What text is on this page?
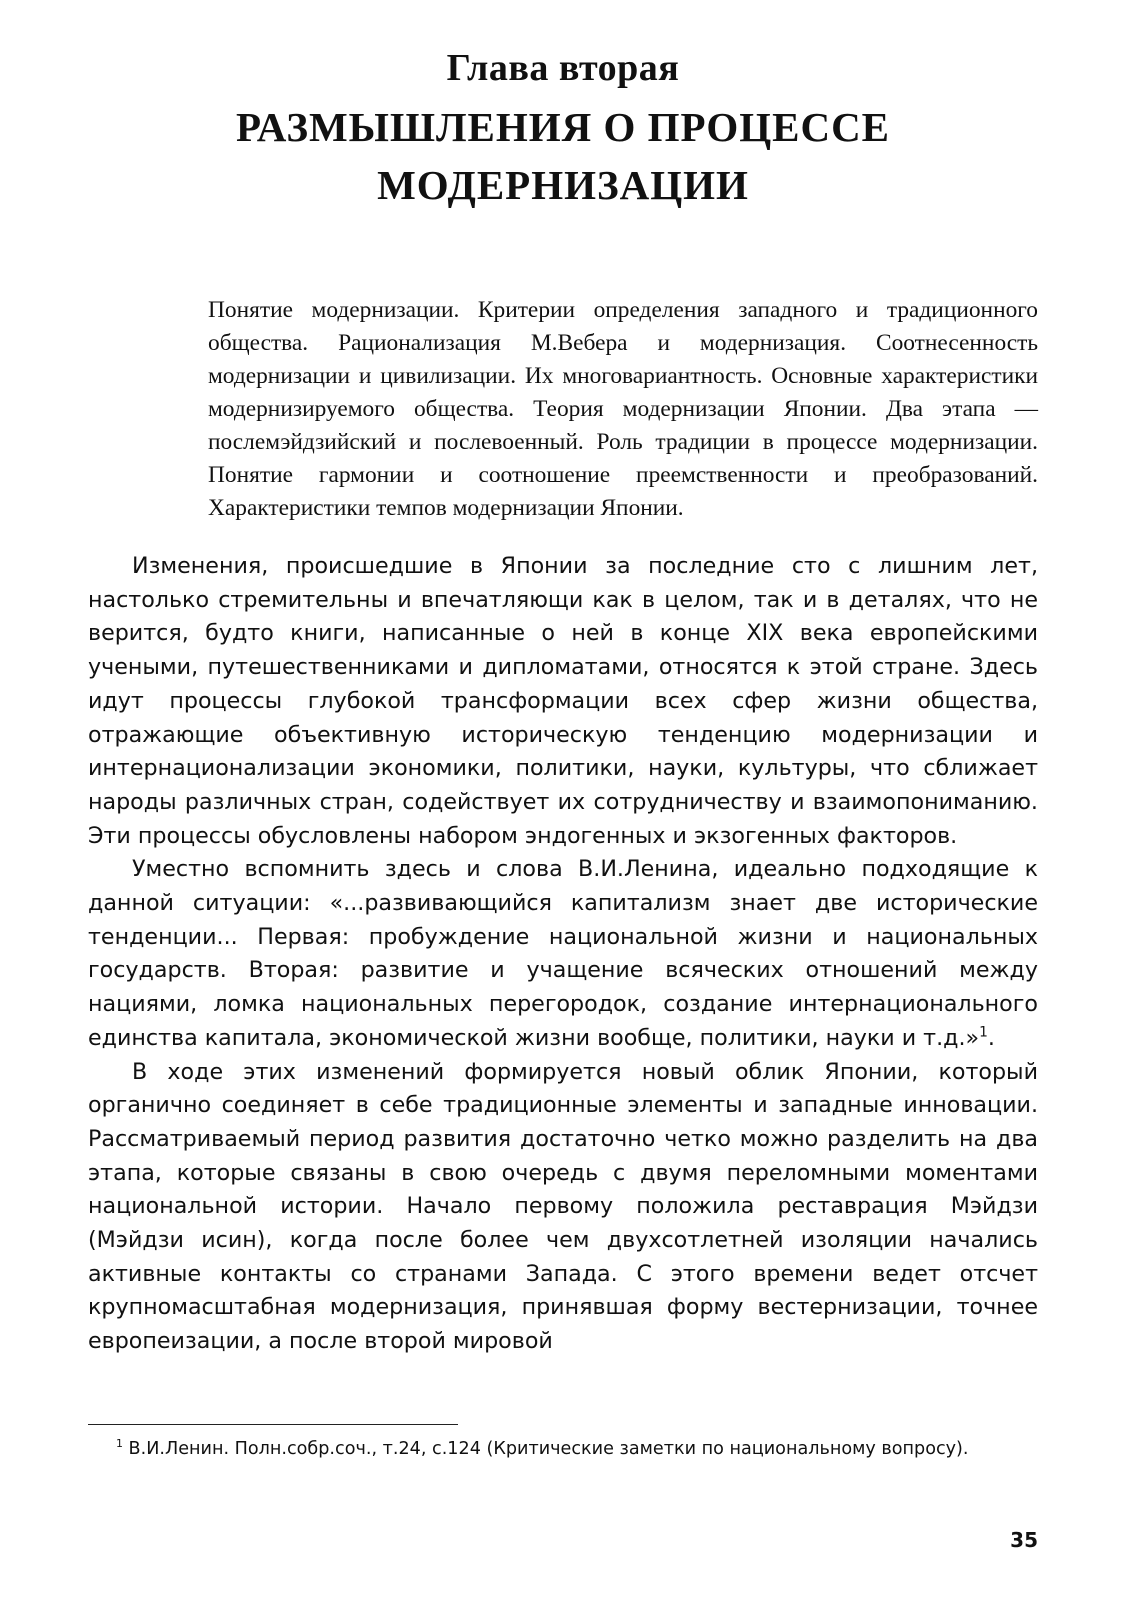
Глава вторая
РАЗМЫШЛЕНИЯ О ПРОЦЕССЕ
МОДЕРНИЗАЦИИ

Понятие модернизации. Критерии определения западного и традиционного общества. Рационализация М.Вебера и модернизация. Соотнесенность модернизации и цивилизации. Их многовариантность. Основные характеристики модернизируемого общества. Теория модернизации Японии. Два этапа — послемэйдзийский и послевоенный. Роль традиции в процессе модернизации. Понятие гармонии и соотношение преемственности и преобразований. Характеристики темпов модернизации Японии.

Изменения, происшедшие в Японии за последние сто с лишним лет, настолько стремительны и впечатляющи как в целом, так и в деталях, что не верится, будто книги, написанные о ней в конце XIX века европейскими учеными, путешественниками и дипломатами, относятся к этой стране. Здесь идут процессы глубокой трансформации всех сфер жизни общества, отражающие объективную историческую тенденцию модернизации и интернационализации экономики, политики, науки, культуры, что сближает народы различных стран, содействует их сотрудничеству и взаимопониманию. Эти процессы обусловлены набором эндогенных и экзогенных факторов.

Уместно вспомнить здесь и слова В.И.Ленина, идеально подходящие к данной ситуации: «...развивающийся капитализм знает две исторические тенденции... Первая: пробуждение национальной жизни и национальных государств. Вторая: развитие и учащение всяческих отношений между нациями, ломка национальных перегородок, создание интернационального единства капитала, экономической жизни вообще, политики, науки и т.д.»$^1$.

В ходе этих изменений формируется новый облик Японии, который органично соединяет в себе традиционные элементы и западные инновации. Рассматриваемый период развития достаточно четко можно разделить на два этапа, которые связаны в свою очередь с двумя переломными моментами национальной истории. Начало первому положила реставрация Мэйдзи (Мэйдзи исин), когда после более чем двухсотлетней изоляции начались активные контакты со странами Запада. С этого времени ведет отсчет крупномасштабная модернизация, принявшая форму вестернизации, точнее европеизации, а после второй мировой

$^1$ В.И.Ленин. Полн.собр.соч., т.24, с.124 (Критические заметки по национальному вопросу).

35
